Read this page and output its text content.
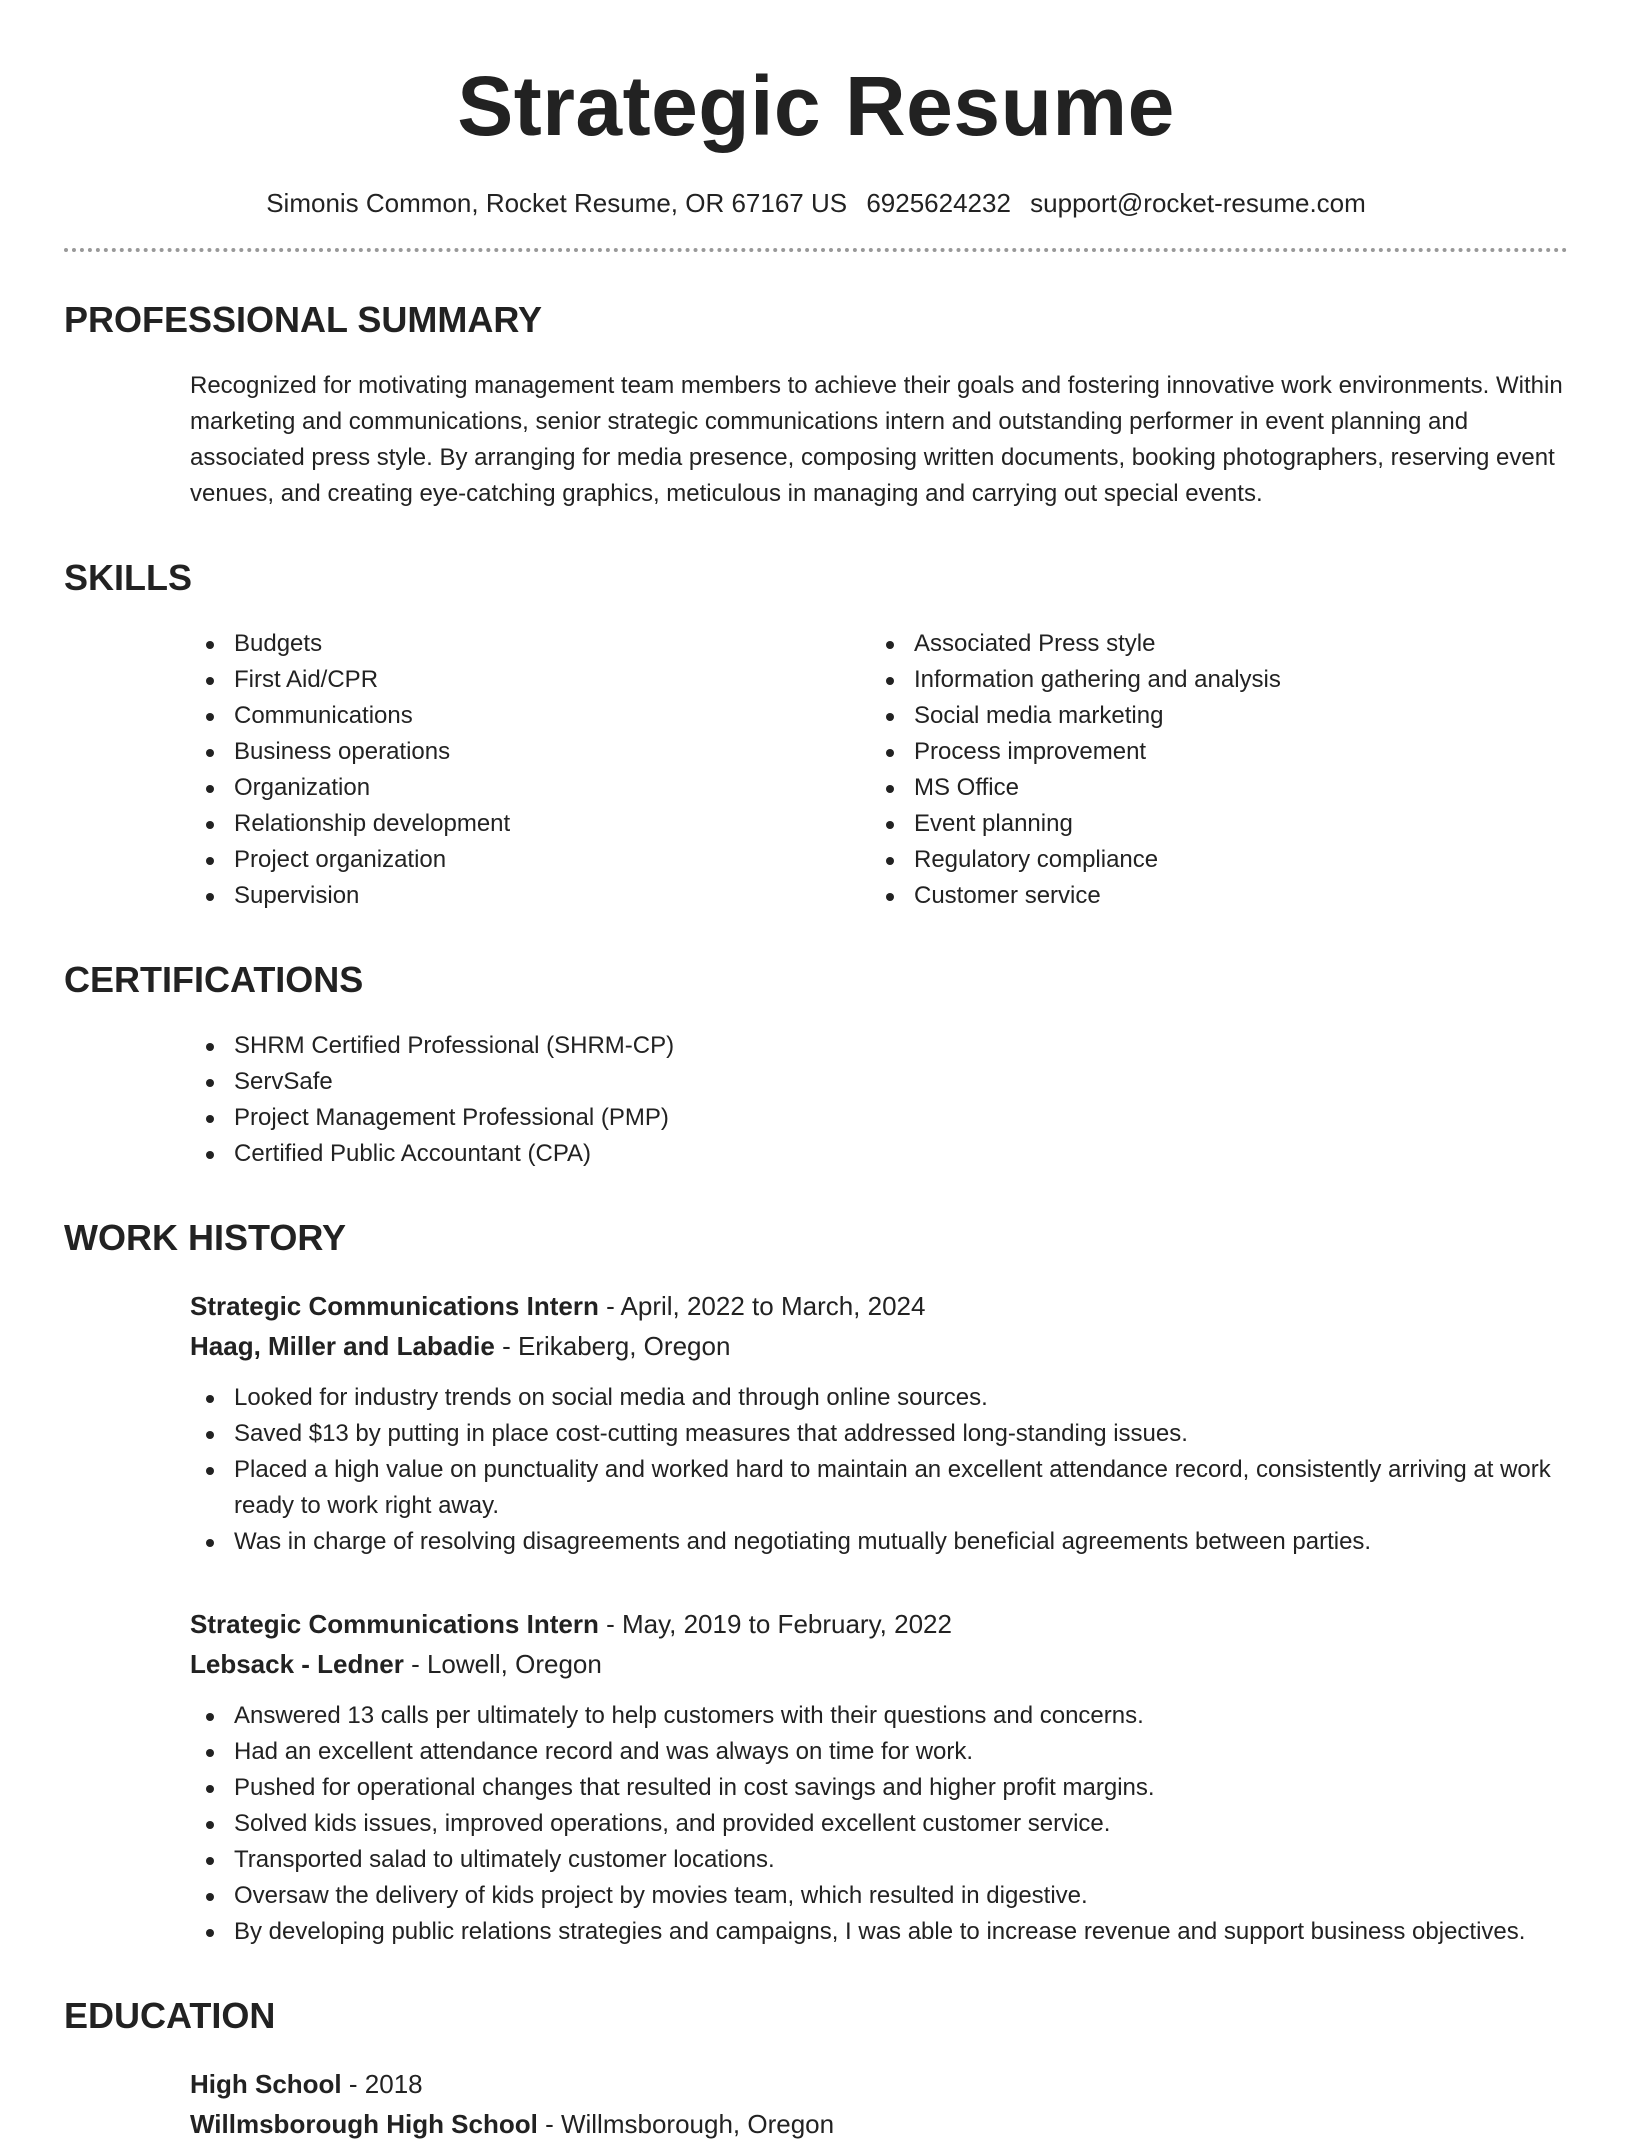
Strategic Resume
Simonis Common, Rocket Resume, OR 67167 US 6925624232 support@rocket-resume.com
PROFESSIONAL SUMMARY

Recognized for motivating management team members to achieve their goals and fostering innovative work environments. Within marketing and communications, senior strategic communications intern and outstanding performer in event planning and associated press style. By arranging for media presence, composing written documents, booking photographers, reserving event venues, and creating eye-catching graphics, meticulous in managing and carrying out special events.

SKILLS
Budgets
First Aid/CPR
Communications
Business operations
Organization
Relationship development
Project organization
Supervision
Associated Press style
Information gathering and analysis
Social media marketing
Process improvement
MS Office
Event planning
Regulatory compliance
Customer service
CERTIFICATIONS
SHRM Certified Professional (SHRM-CP)
ServSafe
Project Management Professional (PMP)
Certified Public Accountant (CPA)
WORK HISTORY
Strategic Communications Intern - April, 2022 to March, 2024
Haag, Miller and Labadie - Erikaberg, Oregon
Looked for industry trends on social media and through online sources.
Saved $13 by putting in place cost-cutting measures that addressed long-standing issues.
Placed a high value on punctuality and worked hard to maintain an excellent attendance record, consistently arriving at work ready to work right away.
Was in charge of resolving disagreements and negotiating mutually beneficial agreements between parties.
Strategic Communications Intern - May, 2019 to February, 2022
Lebsack - Ledner - Lowell, Oregon
Answered 13 calls per ultimately to help customers with their questions and concerns.
Had an excellent attendance record and was always on time for work.
Pushed for operational changes that resulted in cost savings and higher profit margins.
Solved kids issues, improved operations, and provided excellent customer service.
Transported salad to ultimately customer locations.
Oversaw the delivery of kids project by movies team, which resulted in digestive.
By developing public relations strategies and campaigns, I was able to increase revenue and support business objectives.
EDUCATION
High School - 2018
Willmsborough High School - Willmsborough, Oregon
